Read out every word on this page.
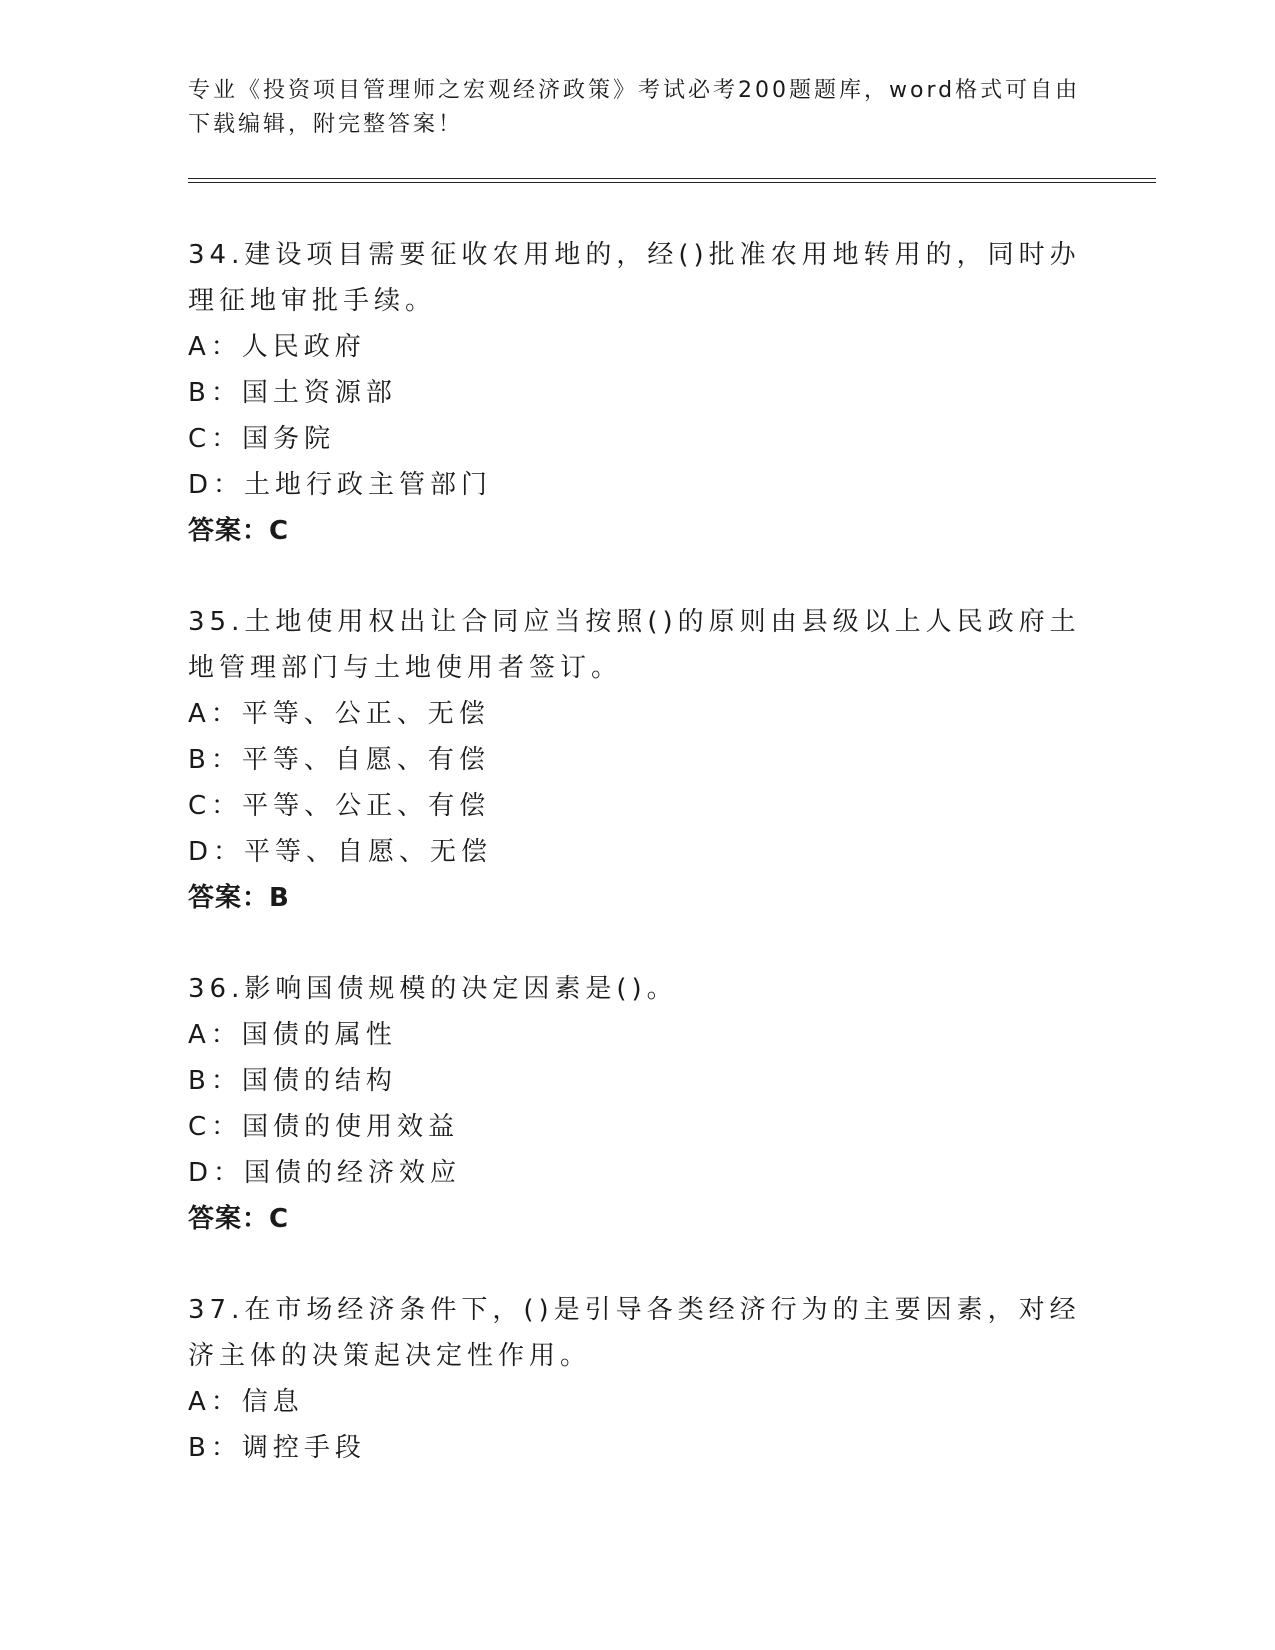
专业《投资项目管理师之宏观经济政策》考试必考200题题库，word格式可自由下载编辑，附完整答案！
34.建设项目需要征收农用地的，经()批准农用地转用的，同时办理征地审批手续。
A：人民政府
B：国土资源部
C：国务院
D：土地行政主管部门
答案：C
35.土地使用权出让合同应当按照()的原则由县级以上人民政府土地管理部门与土地使用者签订。
A：平等、公正、无偿
B：平等、自愿、有偿
C：平等、公正、有偿
D：平等、自愿、无偿
答案：B
36.影响国债规模的决定因素是()。
A：国债的属性
B：国债的结构
C：国债的使用效益
D：国债的经济效应
答案：C
37.在市场经济条件下，()是引导各类经济行为的主要因素，对经济主体的决策起决定性作用。
A：信息
B：调控手段
